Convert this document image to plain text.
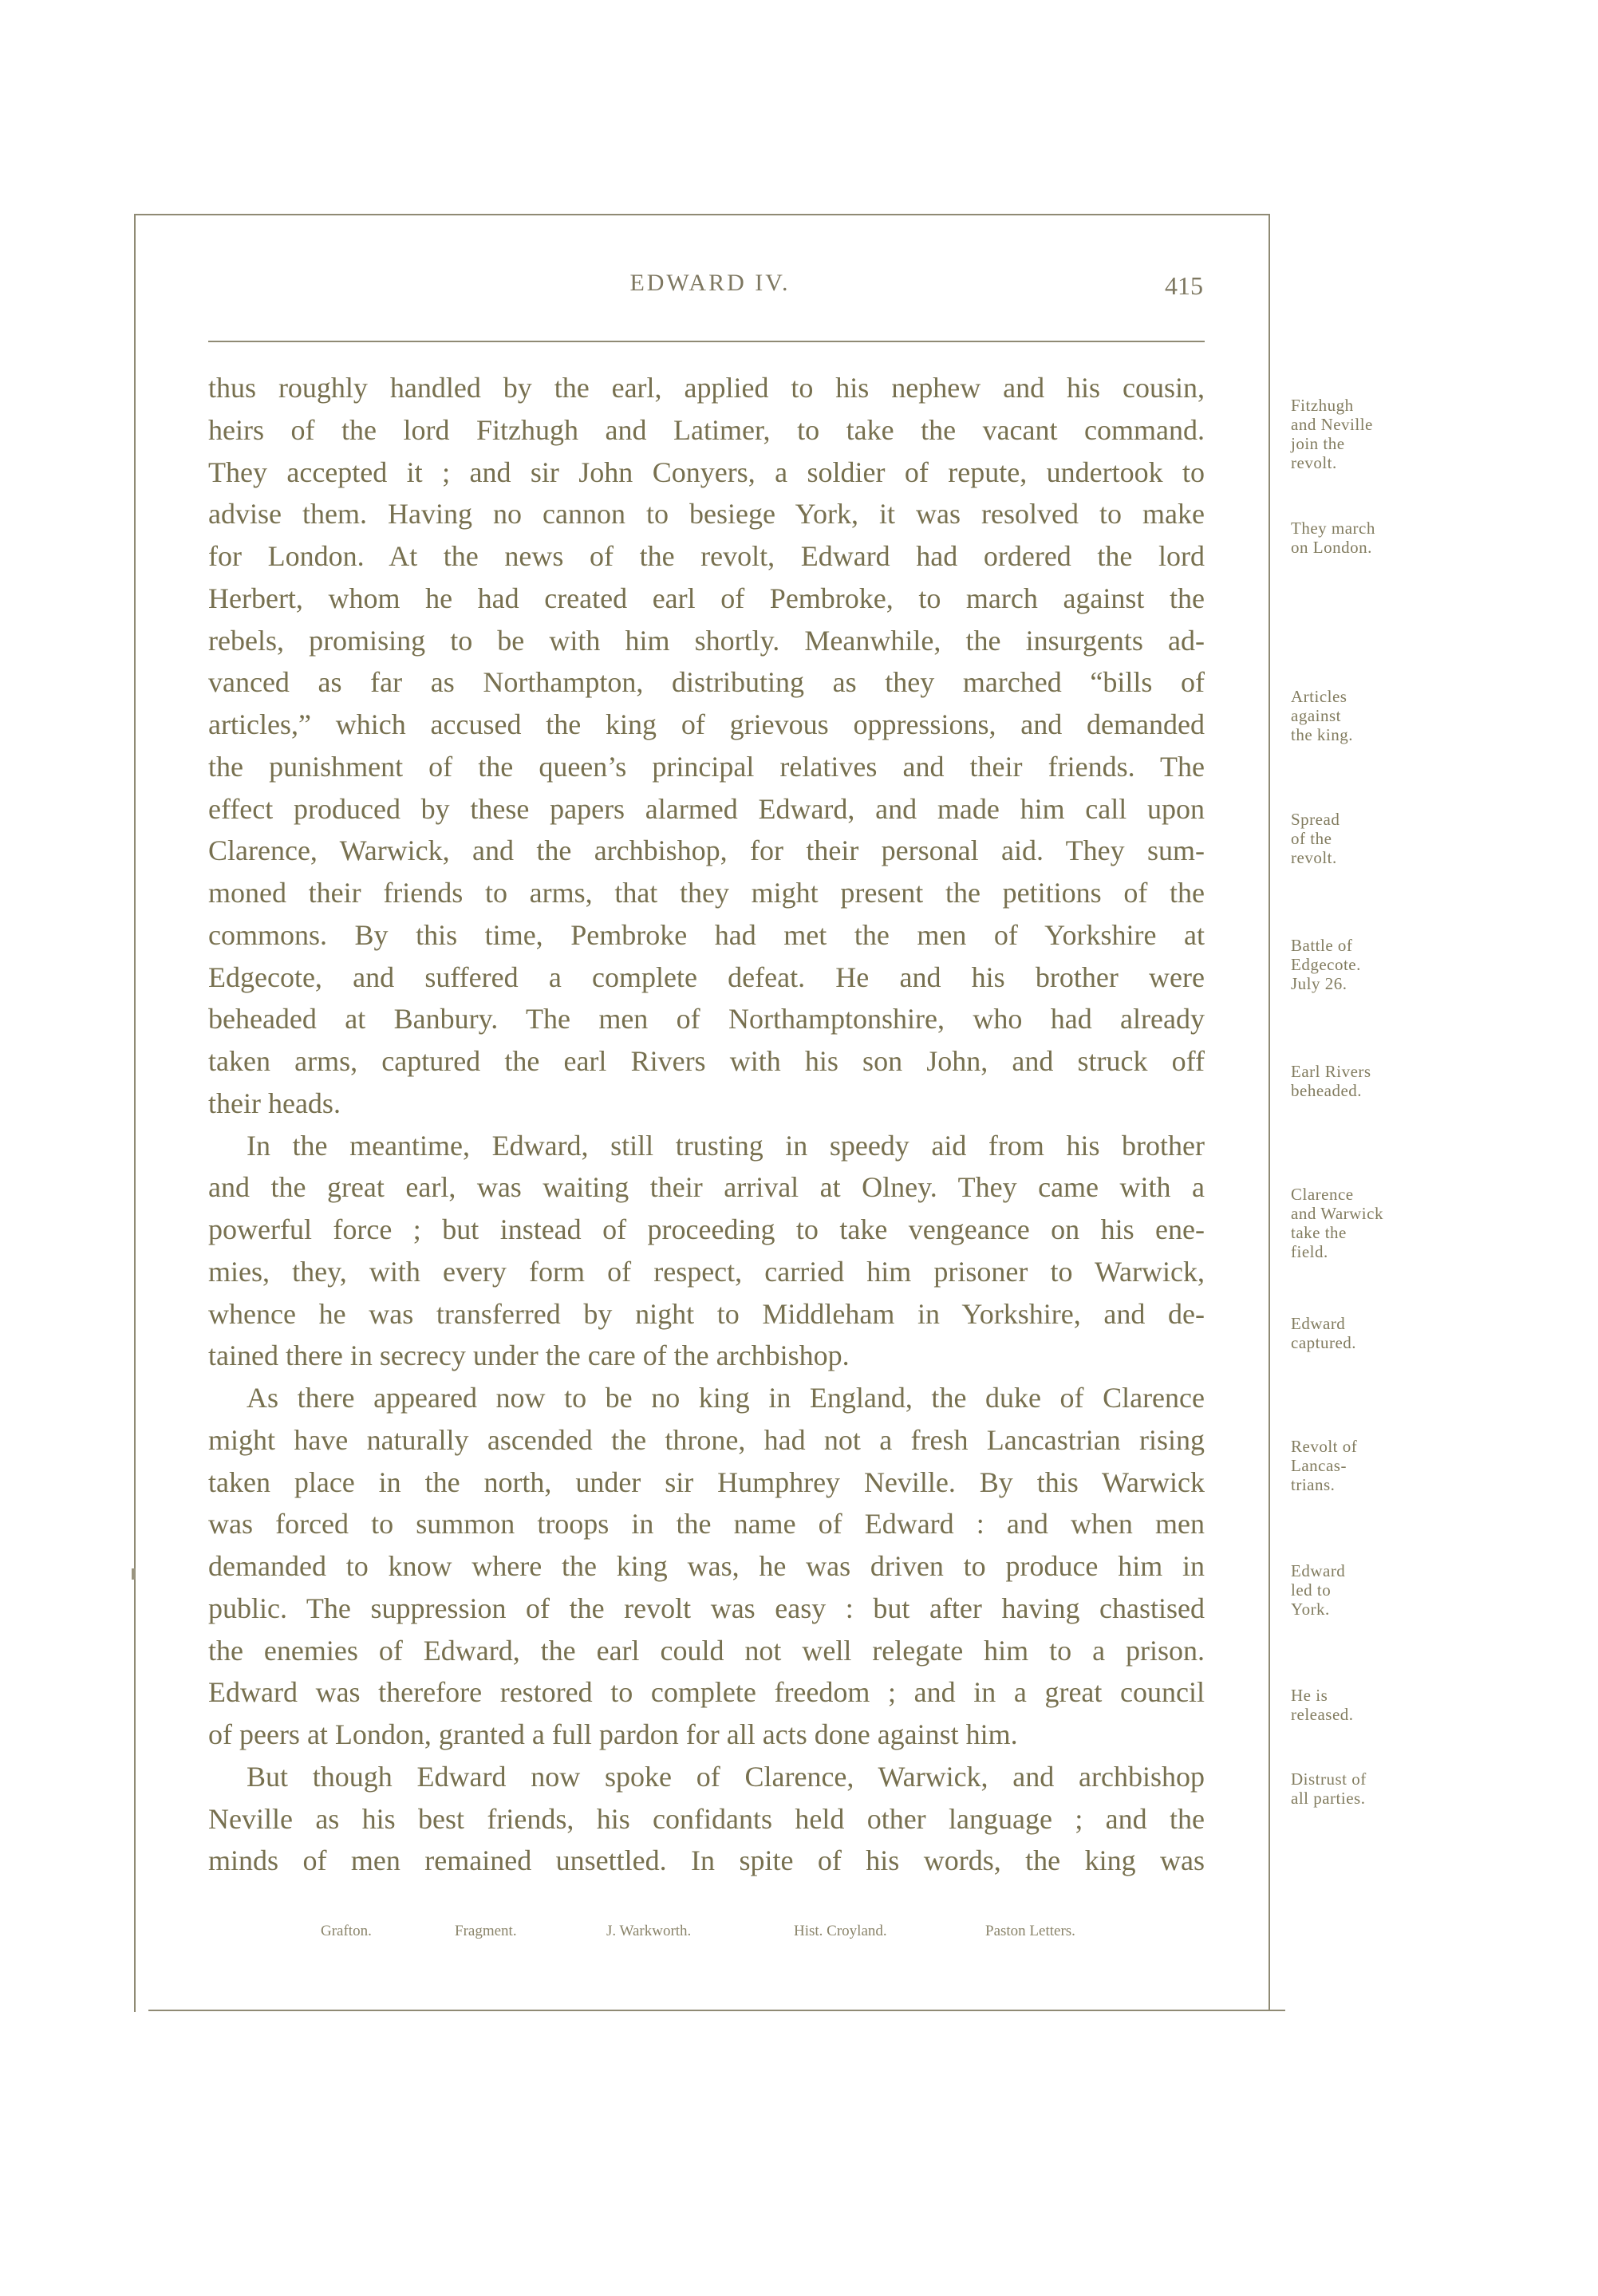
EDWARD IV.	415
thus roughly handled by the earl, applied to his nephew and his cousin,
heirs of the lord Fitzhugh and Latimer, to take the vacant command.
They accepted it ; and sir John Conyers, a soldier of repute, undertook to
advise them. Having no cannon to besiege York, it was resolved to make
for London. At the news of the revolt, Edward had ordered the lord
Herbert, whom he had created earl of Pembroke, to march against the
rebels, promising to be with him shortly. Meanwhile, the insurgents ad-
vanced as far as Northampton, distributing as they marched “bills of
articles,” which accused the king of grievous oppressions, and demanded
the punishment of the queen’s principal relatives and their friends. The
effect produced by these papers alarmed Edward, and made him call upon
Clarence, Warwick, and the archbishop, for their personal aid. They sum-
moned their friends to arms, that they might present the petitions of the
commons. By this time, Pembroke had met the men of Yorkshire at
Edgecote, and suffered a complete defeat. He and his brother were
beheaded at Banbury. The men of Northamptonshire, who had already
taken arms, captured the earl Rivers with his son John, and struck off
their heads.
In the meantime, Edward, still trusting in speedy aid from his brother
and the great earl, was waiting their arrival at Olney. They came with a
powerful force ; but instead of proceeding to take vengeance on his ene-
mies, they, with every form of respect, carried him prisoner to Warwick,
whence he was transferred by night to Middleham in Yorkshire, and de-
tained there in secrecy under the care of the archbishop.
As there appeared now to be no king in England, the duke of Clarence
might have naturally ascended the throne, had not a fresh Lancastrian rising
taken place in the north, under sir Humphrey Neville. By this Warwick
was forced to summon troops in the name of Edward : and when men
demanded to know where the king was, he was driven to produce him in
public. The suppression of the revolt was easy : but after having chastised
the enemies of Edward, the earl could not well relegate him to a prison.
Edward was therefore restored to complete freedom ; and in a great council
of peers at London, granted a full pardon for all acts done against him.
But though Edward now spoke of Clarence, Warwick, and archbishop
Neville as his best friends, his confidants held other language ; and the
minds of men remained unsettled. In spite of his words, the king was
Fitzhugh
and Neville
join the
revolt.
They march
on London.
Articles
against
the king.
Spread
of the
revolt.
Battle of
Edgecote.
July 26.
Earl Rivers
beheaded.
Clarence
and Warwick
take the
field.
Edward
captured.
Revolt of
Lancas-
trians.
Edward
led to
York.
He is
released.
Distrust of
all parties.
Grafton.	Fragment.	J. Warkworth.	Hist. Croyland.	Paston Letters.
